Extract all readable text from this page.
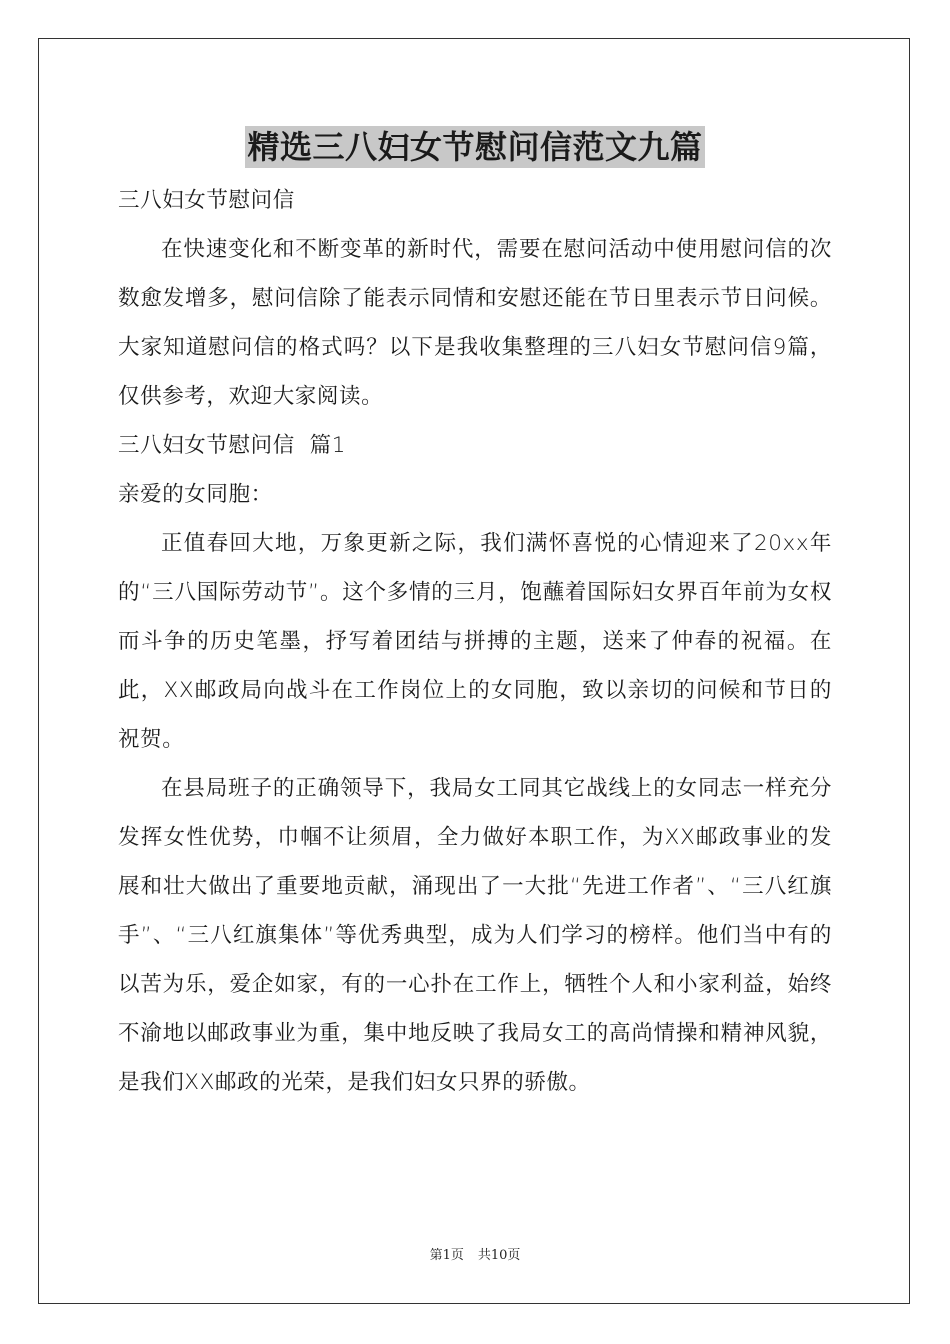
精选三八妇女节慰问信范文九篇

三八妇女节慰问信

在快速变化和不断变革的新时代，需要在慰问活动中使用慰问信的次数愈发增多，慰问信除了能表示同情和安慰还能在节日里表示节日问候。大家知道慰问信的格式吗？以下是我收集整理的三八妇女节慰问信9篇，仅供参考，欢迎大家阅读。

三八妇女节慰问信  篇1

亲爱的女同胞：

正值春回大地，万象更新之际，我们满怀喜悦的心情迎来了20xx年的“三八国际劳动节”。这个多情的三月，饱蘸着国际妇女界百年前为女权而斗争的历史笔墨，抒写着团结与拼搏的主题，送来了仲春的祝福。在此，XX邮政局向战斗在工作岗位上的女同胞，致以亲切的问候和节日的祝贺。

在县局班子的正确领导下，我局女工同其它战线上的女同志一样充分发挥女性优势，巾帼不让须眉，全力做好本职工作，为XX邮政事业的发展和壮大做出了重要地贡献，涌现出了一大批“先进工作者”、“三八红旗手”、“三八红旗集体”等优秀典型，成为人们学习的榜样。他们当中有的以苦为乐，爱企如家，有的一心扑在工作上，牺牲个人和小家利益，始终不渝地以邮政事业为重，集中地反映了我局女工的高尚情操和精神风貌，是我们XX邮政的光荣，是我们妇女只界的骄傲。

第1页 共10页
